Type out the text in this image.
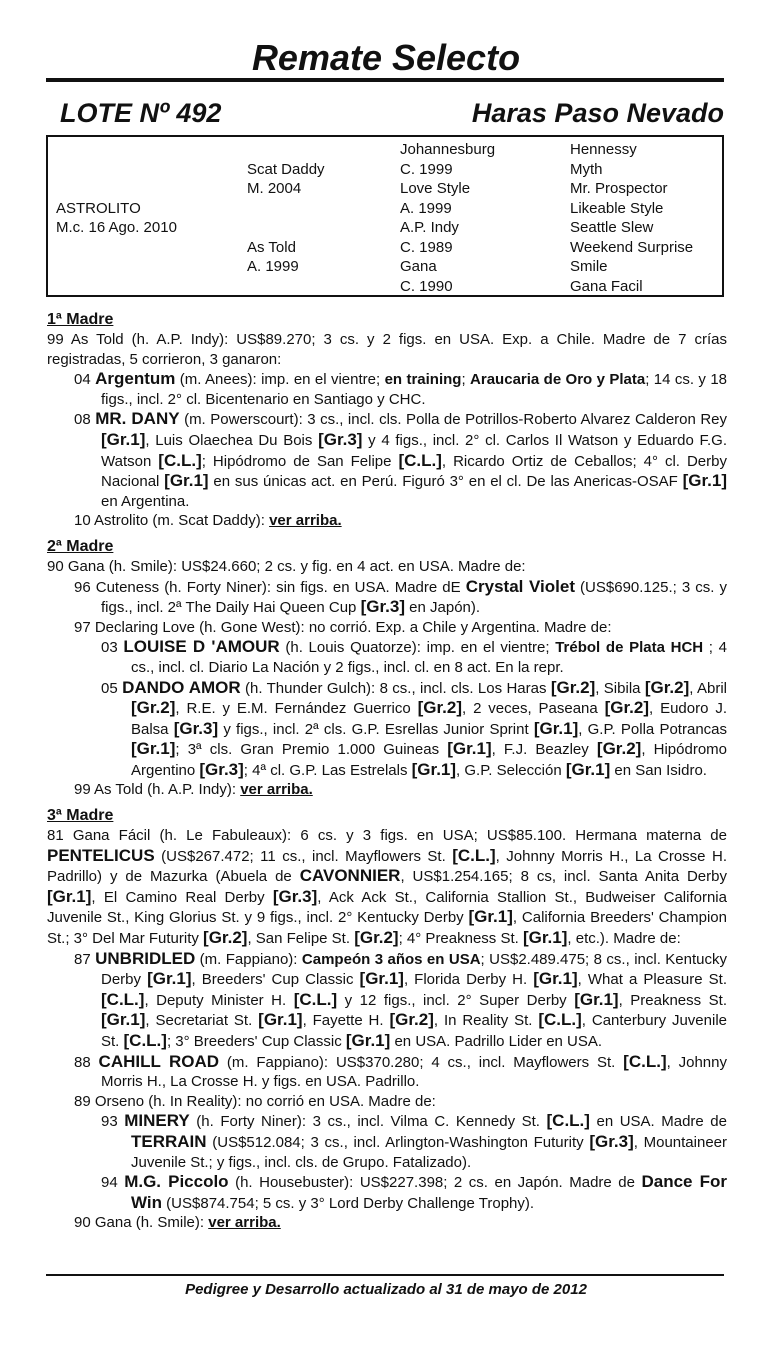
Remate Selecto
LOTE Nº 492	Haras Paso Nevado
ASTROLITO
M.c. 16 Ago. 2010
Scat Daddy
M. 2004
As Told
A. 1999
Johannesburg
C. 1999
Love Style
A. 1999
A.P. Indy
C. 1989
Gana
C. 1990
Hennessy
Myth
Mr. Prospector
Likeable Style
Seattle Slew
Weekend Surprise
Smile
Gana Facil
1ª Madre
99 As Told (h. A.P. Indy): US$89.270; 3 cs. y 2 figs. en USA. Exp. a Chile. Madre de 7 crías registradas, 5 corrieron, 3 ganaron:
04 Argentum (m. Anees): imp. en el vientre; en training; Araucaria de Oro y Plata; 14 cs. y 18 figs., incl. 2° cl. Bicentenario en Santiago y CHC.
08 MR. DANY (m. Powerscourt): 3 cs., incl. cls. Polla de Potrillos-Roberto Alvarez Calderon Rey [Gr.1], Luis Olaechea Du Bois [Gr.3] y 4 figs., incl. 2° cl. Carlos Il Watson y Eduardo F.G. Watson [C.L.]; Hipódromo de San Felipe [C.L.], Ricardo Ortiz de Ceballos; 4° cl. Derby Nacional [Gr.1] en sus únicas act. en Perú. Figuró 3° en el cl. De las Anericas-OSAF [Gr.1] en Argentina.
10 Astrolito (m. Scat Daddy): ver arriba.
2ª Madre
90 Gana (h. Smile): US$24.660; 2 cs. y fig. en 4 act. en USA. Madre de:
96 Cuteness (h. Forty Niner): sin figs. en USA. Madre dE Crystal Violet (US$690.125.; 3 cs. y figs., incl. 2ª The Daily Hai Queen Cup [Gr.3] en Japón).
97 Declaring Love (h. Gone West): no corrió. Exp. a Chile y Argentina. Madre de:
03 LOUISE D 'AMOUR (h. Louis Quatorze): imp. en el vientre; Trébol de Plata HCH ; 4 cs., incl. cl. Diario La Nación y 2 figs., incl. cl. en 8 act. En la repr.
05 DANDO AMOR (h. Thunder Gulch): 8 cs., incl. cls. Los Haras [Gr.2], Sibila [Gr.2], Abril [Gr.2], R.E. y E.M. Fernández Guerrico [Gr.2], 2 veces, Paseana [Gr.2], Eudoro J. Balsa [Gr.3] y figs., incl. 2ª cls. G.P. Esrellas Junior Sprint [Gr.1], G.P. Polla Potrancas [Gr.1]; 3ª cls. Gran Premio 1.000 Guineas [Gr.1], F.J. Beazley [Gr.2], Hipódromo Argentino [Gr.3]; 4ª cl. G.P. Las Estrelals [Gr.1], G.P. Selección [Gr.1] en San Isidro.
99 As Told (h. A.P. Indy): ver arriba.
3ª Madre
81 Gana Fácil (h. Le Fabuleaux): 6 cs. y 3 figs. en USA; US$85.100. Hermana materna de PENTELICUS (US$267.472; 11 cs., incl. Mayflowers St. [C.L.], Johnny Morris H., La Crosse H. Padrillo) y de Mazurka (Abuela de CAVONNIER, US$1.254.165; 8 cs, incl. Santa Anita Derby [Gr.1], El Camino Real Derby [Gr.3], Ack Ack St., California Stallion St., Budweiser California Juvenile St., King Glorius St. y 9 figs., incl. 2° Kentucky Derby [Gr.1], California Breeders' Champion St.; 3° Del Mar Futurity [Gr.2], San Felipe St. [Gr.2]; 4° Preakness St. [Gr.1], etc.). Madre de:
87 UNBRIDLED (m. Fappiano): Campeón 3 años en USA; US$2.489.475; 8 cs., incl. Kentucky Derby [Gr.1], Breeders' Cup Classic [Gr.1], Florida Derby H. [Gr.1], What a Pleasure St. [C.L.], Deputy Minister H. [C.L.] y 12 figs., incl. 2° Super Derby [Gr.1], Preakness St. [Gr.1], Secretariat St. [Gr.1], Fayette H. [Gr.2], In Reality St. [C.L.], Canterbury Juvenile St. [C.L.]; 3° Breeders' Cup Classic [Gr.1] en USA. Padrillo Lider en USA.
88 CAHILL ROAD (m. Fappiano): US$370.280; 4 cs., incl. Mayflowers St. [C.L.], Johnny Morris H., La Crosse H. y figs. en USA. Padrillo.
89 Orseno (h. In Reality): no corrió en USA. Madre de:
93 MINERY (h. Forty Niner): 3 cs., incl. Vilma C. Kennedy St. [C.L.] en USA. Madre de TERRAIN (US$512.084; 3 cs., incl. Arlington-Washington Futurity [Gr.3], Mountaineer Juvenile St.; y figs., incl. cls. de Grupo. Fatalizado).
94 M.G. Piccolo (h. Housebuster): US$227.398; 2 cs. en Japón. Madre de Dance For Win (US$874.754; 5 cs. y 3° Lord Derby Challenge Trophy).
90 Gana (h. Smile): ver arriba.
Pedigree y Desarrollo actualizado al 31 de mayo de 2012
